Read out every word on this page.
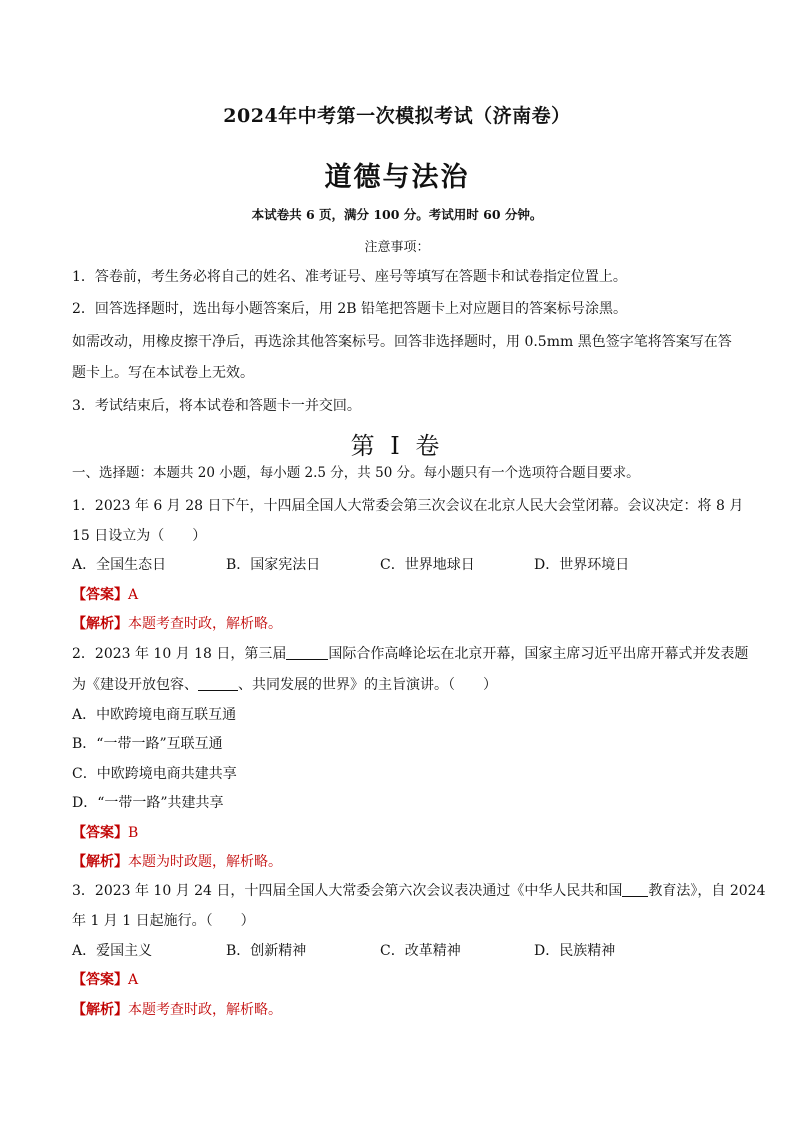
2024年中考第一次模拟考试（济南卷）
道德与法治
本试卷共 6 页，满分 100 分。考试用时 60 分钟。
注意事项：
1．答卷前，考生务必将自己的姓名、准考证号、座号等填写在答题卡和试卷指定位置上。
2．回答选择题时，选出每小题答案后，用 2B 铅笔把答题卡上对应题目的答案标号涂黑。
如需改动，用橡皮擦干净后，再选涂其他答案标号。回答非选择题时，用 0.5mm 黑色签字笔将答案写在答
题卡上。写在本试卷上无效。
3．考试结束后，将本试卷和答题卡一并交回。
第 I 卷
一、选择题：本题共 20 小题，每小题 2.5 分，共 50 分。每小题只有一个选项符合题目要求。
1．2023 年 6 月 28 日下午，十四届全国人大常委会第三次会议在北京人民大会堂闭幕。会议决定：将 8 月
15 日设立为（　　）
A．全国生态日	B．国家宪法日	C．世界地球日	D．世界环境日
【答案】A
【解析】本题考查时政，解析略。
2．2023 年 10 月 18 日，第三届	国际合作高峰论坛在北京开幕，国家主席习近平出席开幕式并发表题
为《建设开放包容、	、共同发展的世界》的主旨演讲。（　　）
A．中欧跨境电商互联互通
B．“一带一路”互联互通
C．中欧跨境电商共建共享
D．“一带一路”共建共享
【答案】B
【解析】本题为时政题，解析略。
3．2023 年 10 月 24 日，十四届全国人大常委会第六次会议表决通过《中华人民共和国 教育法》，自 2024
年 1 月 1 日起施行。（　　）
A．爱国主义	B．创新精神	C．改革精神	D．民族精神
【答案】A
【解析】本题考查时政，解析略。
